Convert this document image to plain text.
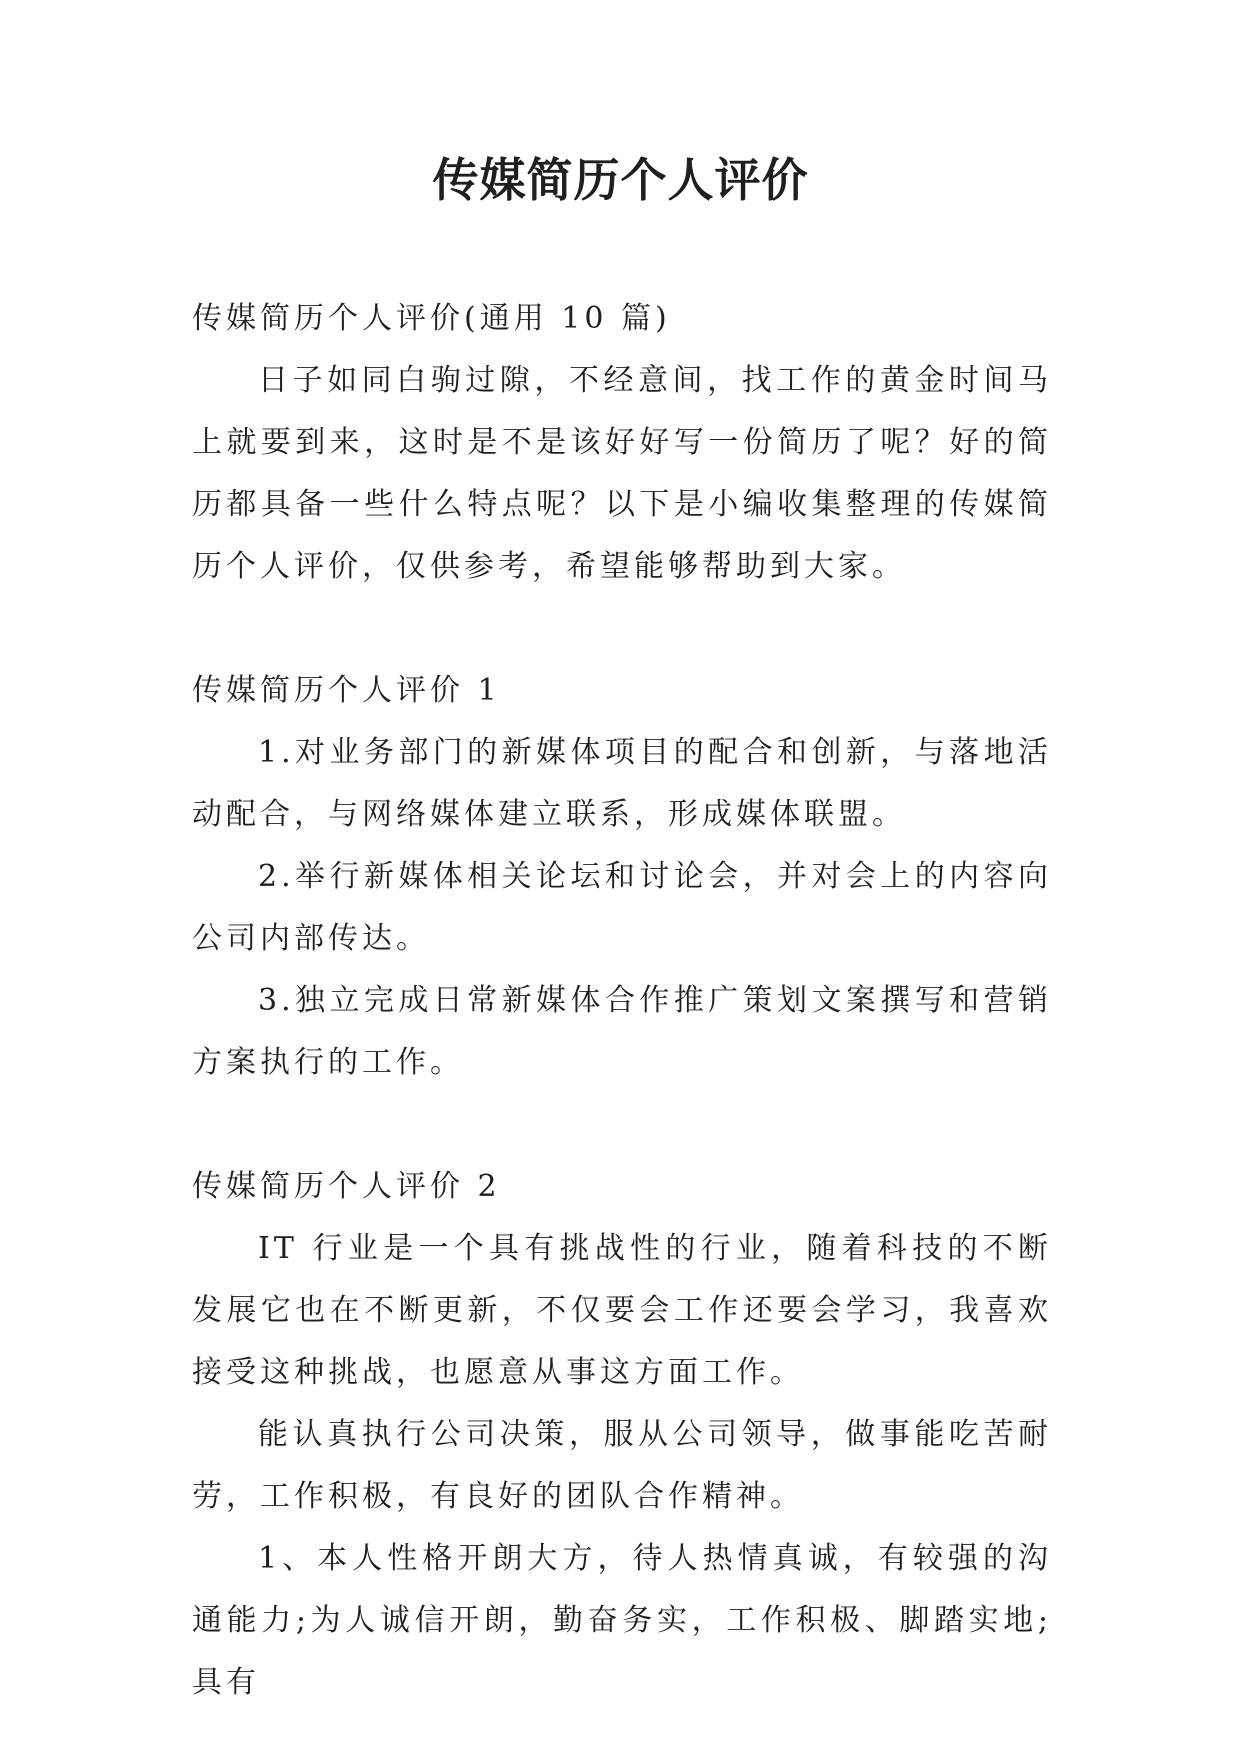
传媒简历个人评价

传媒简历个人评价(通用 10 篇)

日子如同白驹过隙，不经意间，找工作的黄金时间马上就要到来，这时是不是该好好写一份简历了呢？好的简历都具备一些什么特点呢？以下是小编收集整理的传媒简历个人评价，仅供参考，希望能够帮助到大家。

传媒简历个人评价 1

1.对业务部门的新媒体项目的配合和创新，与落地活动配合，与网络媒体建立联系，形成媒体联盟。

2.举行新媒体相关论坛和讨论会，并对会上的内容向公司内部传达。

3.独立完成日常新媒体合作推广策划文案撰写和营销方案执行的工作。

传媒简历个人评价 2

IT 行业是一个具有挑战性的行业，随着科技的不断发展它也在不断更新，不仅要会工作还要会学习，我喜欢接受这种挑战，也愿意从事这方面工作。

能认真执行公司决策，服从公司领导，做事能吃苦耐劳，工作积极，有良好的团队合作精神。

1、本人性格开朗大方，待人热情真诚，有较强的沟通能力;为人诚信开朗，勤奋务实，工作积极、脚踏实地;具有
